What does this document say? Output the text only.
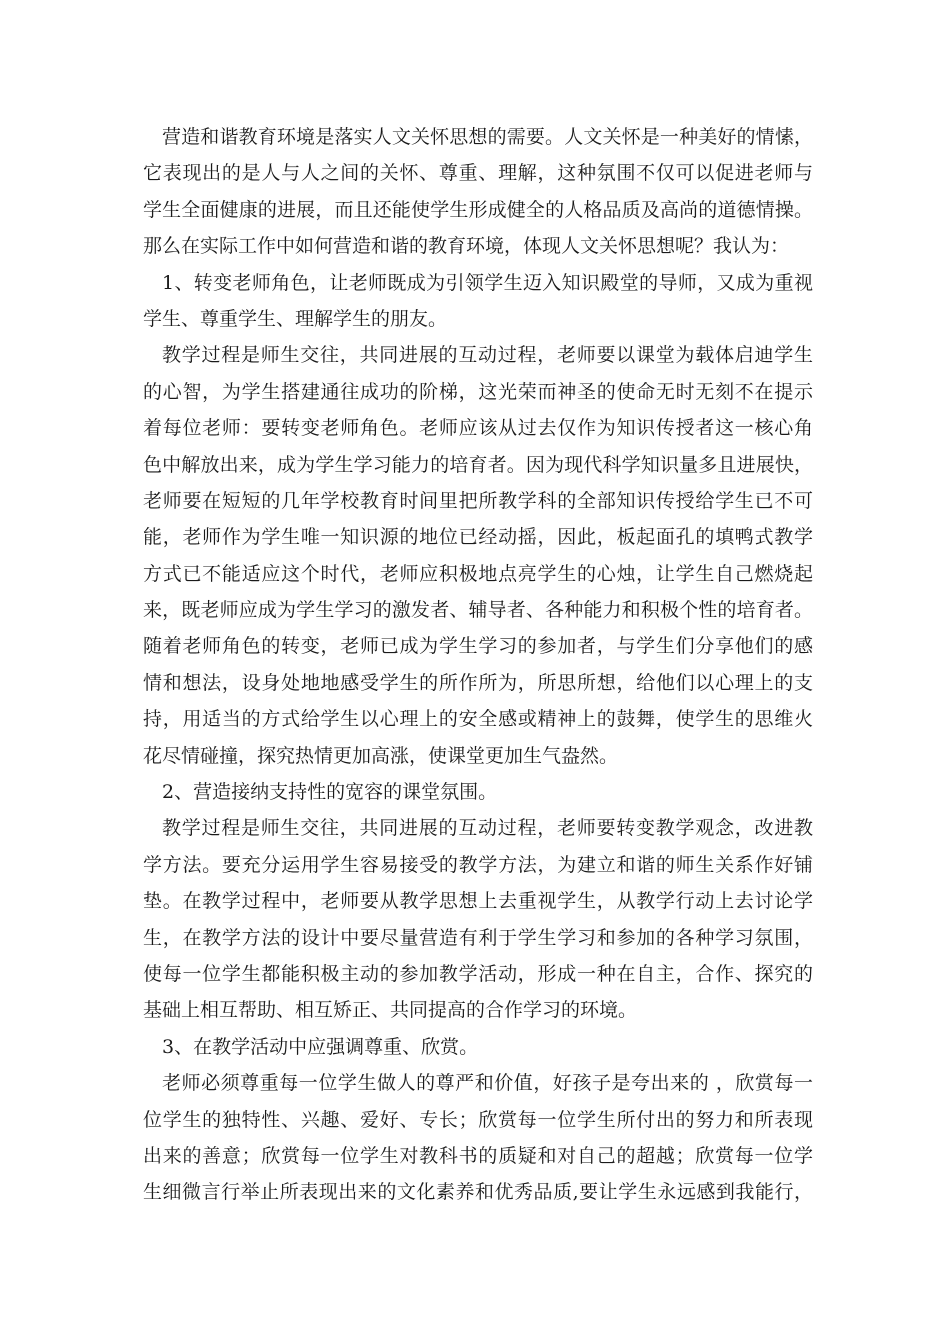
营造和谐教育环境是落实人文关怀思想的需要。人文关怀是一种美好的情愫，
它表现出的是人与人之间的关怀、尊重、理解，这种氛围不仅可以促进老师与
学生全面健康的进展，而且还能使学生形成健全的人格品质及高尚的道德情操。
那么在实际工作中如何营造和谐的教育环境，体现人文关怀思想呢？我认为：
1、转变老师角色，让老师既成为引领学生迈入知识殿堂的导师，又成为重视
学生、尊重学生、理解学生的朋友。
教学过程是师生交往，共同进展的互动过程，老师要以课堂为载体启迪学生
的心智，为学生搭建通往成功的阶梯，这光荣而神圣的使命无时无刻不在提示
着每位老师：要转变老师角色。老师应该从过去仅作为知识传授者这一核心角
色中解放出来，成为学生学习能力的培育者。因为现代科学知识量多且进展快，
老师要在短短的几年学校教育时间里把所教学科的全部知识传授给学生已不可
能，老师作为学生唯一知识源的地位已经动摇，因此，板起面孔的填鸭式教学
方式已不能适应这个时代，老师应积极地点亮学生的心烛，让学生自己燃烧起
来，既老师应成为学生学习的激发者、辅导者、各种能力和积极个性的培育者。
随着老师角色的转变，老师已成为学生学习的参加者，与学生们分享他们的感
情和想法，设身处地地感受学生的所作所为，所思所想，给他们以心理上的支
持，用适当的方式给学生以心理上的安全感或精神上的鼓舞，使学生的思维火
花尽情碰撞，探究热情更加高涨，使课堂更加生气盎然。
2、营造接纳支持性的宽容的课堂氛围。
教学过程是师生交往，共同进展的互动过程，老师要转变教学观念，改进教
学方法。要充分运用学生容易接受的教学方法，为建立和谐的师生关系作好铺
垫。在教学过程中，老师要从教学思想上去重视学生，从教学行动上去讨论学
生，在教学方法的设计中要尽量营造有利于学生学习和参加的各种学习氛围，
使每一位学生都能积极主动的参加教学活动，形成一种在自主，合作、探究的
基础上相互帮助、相互矫正、共同提高的合作学习的环境。
3、在教学活动中应强调尊重、欣赏。
老师必须尊重每一位学生做人的尊严和价值，好孩子是夸出来的 ，欣赏每一
位学生的独特性、兴趣、爱好、专长；欣赏每一位学生所付出的努力和所表现
出来的善意；欣赏每一位学生对教科书的质疑和对自己的超越；欣赏每一位学
生细微言行举止所表现出来的文化素养和优秀品质,要让学生永远感到我能行，
